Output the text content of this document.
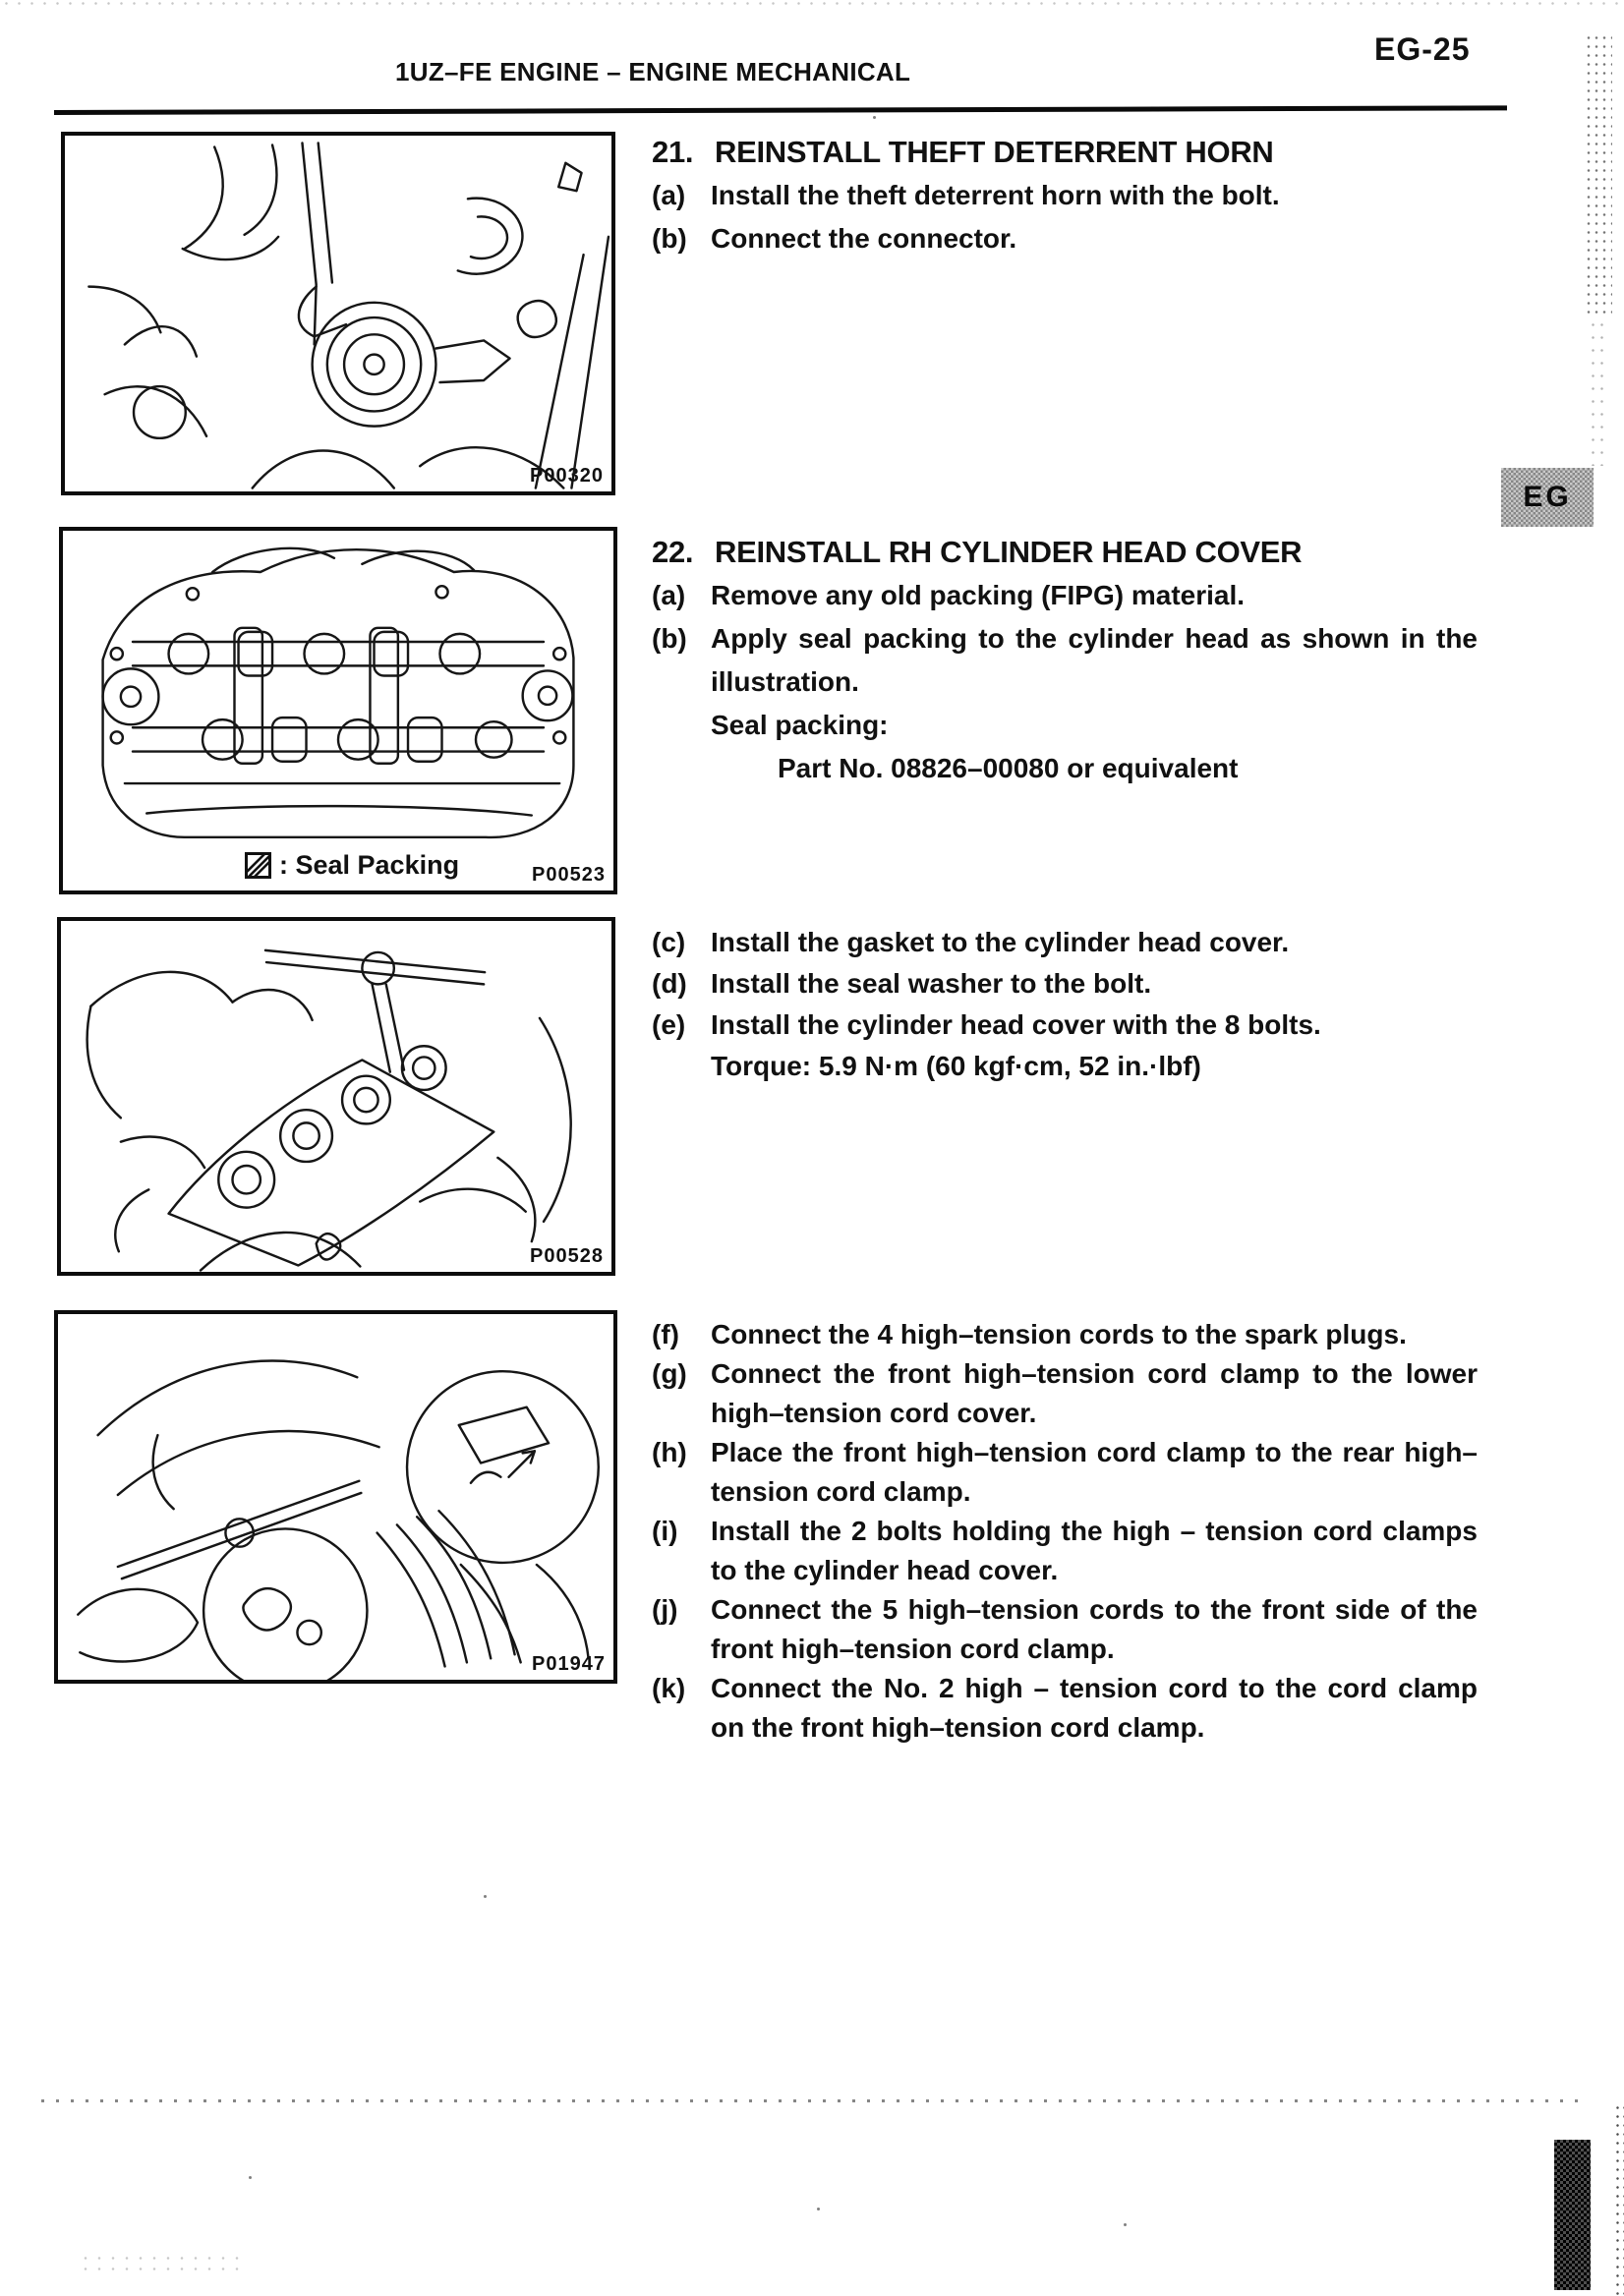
1UZ–FE ENGINE – ENGINE MECHANICAL
EG-25
EG
P00320
: Seal Packing	P00523
P00528
P01947
21. REINSTALL THEFT DETERRENT HORN
(a) Install the theft deterrent horn with the bolt.
(b) Connect the connector.
22. REINSTALL RH CYLINDER HEAD COVER
(a) Remove any old packing (FIPG) material.
(b) Apply seal packing to the cylinder head as shown in the illustration.
Seal packing:
Part No. 08826–00080 or equivalent
(c) Install the gasket to the cylinder head cover.
(d) Install the seal washer to the bolt.
(e) Install the cylinder head cover with the 8 bolts.
Torque: 5.9 N·m (60 kgf·cm, 52 in.·lbf)
(f)	Connect the 4 high–tension cords to the spark plugs.
(g) Connect the front high–tension cord clamp to the lower high–tension cord cover.
(h) Place the front high–tension cord clamp to the rear high–tension cord clamp.
(i)	Install the 2 bolts holding the high – tension cord clamps to the cylinder head cover.
(j)	Connect the 5 high–tension cords to the front side of the front high–tension cord clamp.
(k) Connect the No. 2 high – tension cord to the cord clamp on the front high–tension cord clamp.
